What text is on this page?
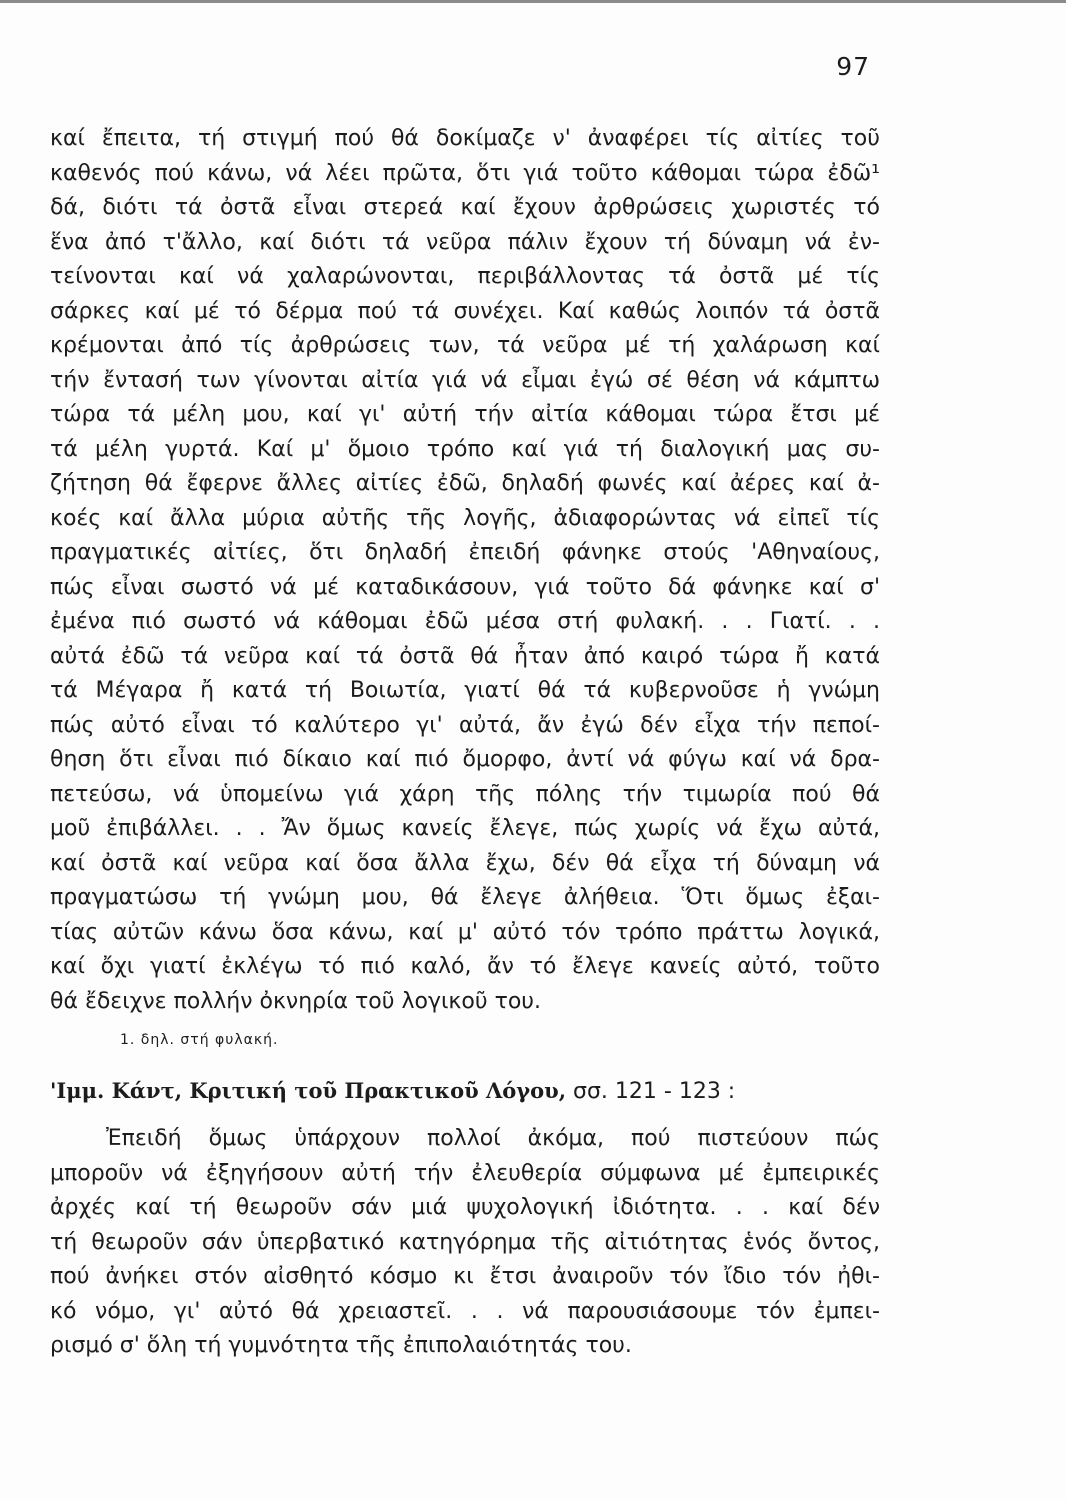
97
καί ἔπειτα, τή στιγμή πού θά δοκίμαζε ν' ἀναφέρει τίς αἰτίες τοῦ
καθενός πού κάνω, νά λέει πρῶτα, ὅτι γιά τοῦτο κάθομαι τώρα ἐδῶ¹
δά, διότι τά ὀστᾶ εἶναι στερεά καί ἔχουν ἀρθρώσεις χωριστές τό
ἕνα ἀπό τ'ἄλλο, καί διότι τά νεῦρα πάλιν ἔχουν τή δύναμη νά ἐν-
τείνονται καί νά χαλαρώνονται, περιβάλλοντας τά ὀστᾶ μέ τίς
σάρκες καί μέ τό δέρμα πού τά συνέχει. Καί καθώς λοιπόν τά ὀστᾶ
κρέμονται ἀπό τίς ἀρθρώσεις των, τά νεῦρα μέ τή χαλάρωση καί
τήν ἔντασή των γίνονται αἰτία γιά νά εἶμαι ἐγώ σέ θέση νά κάμπτω
τώρα τά μέλη μου, καί γι' αὐτή τήν αἰτία κάθομαι τώρα ἔτσι μέ
τά μέλη γυρτά. Καί μ' ὅμοιο τρόπο καί γιά τή διαλογική μας συ-
ζήτηση θά ἔφερνε ἄλλες αἰτίες ἐδῶ, δηλαδή φωνές καί ἀέρες καί ἀ-
κοές καί ἄλλα μύρια αὐτῆς τῆς λογῆς, ἀδιαφορώντας νά εἰπεῖ τίς
πραγματικές αἰτίες, ὅτι δηλαδή ἐπειδή φάνηκε στούς 'Αθηναίους,
πώς εἶναι σωστό νά μέ καταδικάσουν, γιά τοῦτο δά φάνηκε καί σ'
ἐμένα πιό σωστό νά κάθομαι ἐδῶ μέσα στή φυλακή. . . Γιατί. . .
αὐτά ἐδῶ τά νεῦρα καί τά ὀστᾶ θά ἦταν ἀπό καιρό τώρα ἤ κατά
τά Μέγαρα ἤ κατά τή Βοιωτία, γιατί θά τά κυβερνοῦσε ἡ γνώμη
πώς αὐτό εἶναι τό καλύτερο γι' αὐτά, ἄν ἐγώ δέν εἶχα τήν πεποί-
θηση ὅτι εἶναι πιό δίκαιο καί πιό ὄμορφο, ἀντί νά φύγω καί νά δρα-
πετεύσω, νά ὑπομείνω γιά χάρη τῆς πόλης τήν τιμωρία πού θά
μοῦ ἐπιβάλλει. . . Ἄν ὅμως κανείς ἔλεγε, πώς χωρίς νά ἔχω αὐτά,
καί ὀστᾶ καί νεῦρα καί ὅσα ἄλλα ἔχω, δέν θά εἶχα τή δύναμη νά
πραγματώσω τή γνώμη μου, θά ἔλεγε ἀλήθεια. Ὅτι ὅμως ἐξαι-
τίας αὐτῶν κάνω ὅσα κάνω, καί μ' αὐτό τόν τρόπο πράττω λογικά,
καί ὄχι γιατί ἐκλέγω τό πιό καλό, ἄν τό ἔλεγε κανείς αὐτό, τοῦτο
θά ἔδειχνε πολλήν ὀκνηρία τοῦ λογικοῦ του.

1. δηλ. στή φυλακή.

'Ιμμ. Κάντ, Κριτική τοῦ Πρακτικοῦ Λόγου, σσ. 121 - 123 :

Ἐπειδή ὅμως ὑπάρχουν πολλοί ἀκόμα, πού πιστεύουν πώς
μποροῦν νά ἐξηγήσουν αὐτή τήν ἐλευθερία σύμφωνα μέ ἐμπειρικές
ἀρχές καί τή θεωροῦν σάν μιά ψυχολογική ἰδιότητα. . . καί δέν
τή θεωροῦν σάν ὑπερβατικό κατηγόρημα τῆς αἰτιότητας ἑνός ὄντος,
πού ἀνήκει στόν αἰσθητό κόσμο κι ἔτσι ἀναιροῦν τόν ἴδιο τόν ἠθι-
κό νόμο, γι' αὐτό θά χρειαστεῖ. . . νά παρουσιάσουμε τόν ἐμπει-
ρισμό σ' ὅλη τή γυμνότητα τῆς ἐπιπολαιότητάς του.
